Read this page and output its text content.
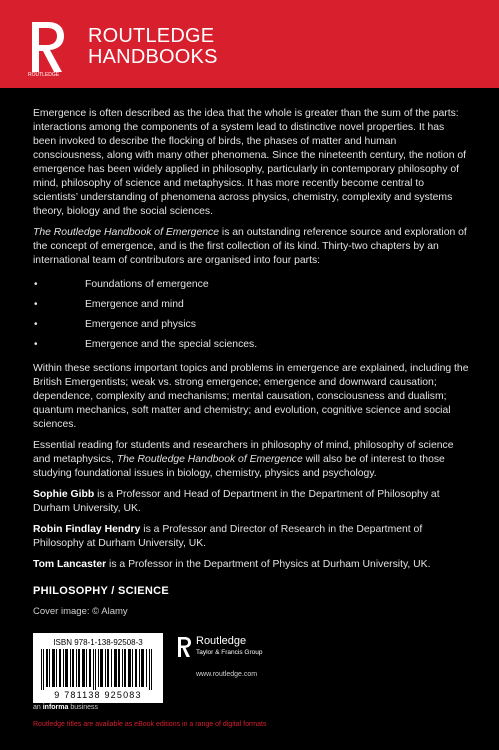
ROUTLEDGE
ROUTLEDGE
HANDBOOKS

Emergence is often described as the idea that the whole is greater than the sum of the parts: interactions among the components of a system lead to distinctive novel properties. It has been invoked to describe the flocking of birds, the phases of matter and human consciousness, along with many other phenomena. Since the nineteenth century, the notion of emergence has been widely applied in philosophy, particularly in contemporary philosophy of mind, philosophy of science and metaphysics. It has more recently become central to scientists’ understanding of phenomena across physics, chemistry, complexity and systems theory, biology and the social sciences.

The Routledge Handbook of Emergence is an outstanding reference source and exploration of the concept of emergence, and is the first collection of its kind. Thirty-two chapters by an international team of contributors are organised into four parts:

•	Foundations of emergence
•	Emergence and mind
•	Emergence and physics
•	Emergence and the special sciences.

Within these sections important topics and problems in emergence are explained, including the British Emergentists; weak vs. strong emergence; emergence and downward causation; dependence, complexity and mechanisms; mental causation, consciousness and dualism; quantum mechanics, soft matter and chemistry; and evolution, cognitive science and social sciences.

Essential reading for students and researchers in philosophy of mind, philosophy of science and metaphysics, The Routledge Handbook of Emergence will also be of interest to those studying foundational issues in biology, chemistry, physics and psychology.

Sophie Gibb is a Professor and Head of Department in the Department of Philosophy at Durham University, UK.

Robin Findlay Hendry is a Professor and Director of Research in the Department of Philosophy at Durham University, UK.

Tom Lancaster is a Professor in the Department of Physics at Durham University, UK.

PHILOSOPHY / SCIENCE
Cover image: © Alamy
ISBN 978-1-138-92508-3
9 781138 925083
an informa business
Routledge
Taylor & Francis Group
www.routledge.com
Routledge titles are available as eBook editions in a range of digital formats
